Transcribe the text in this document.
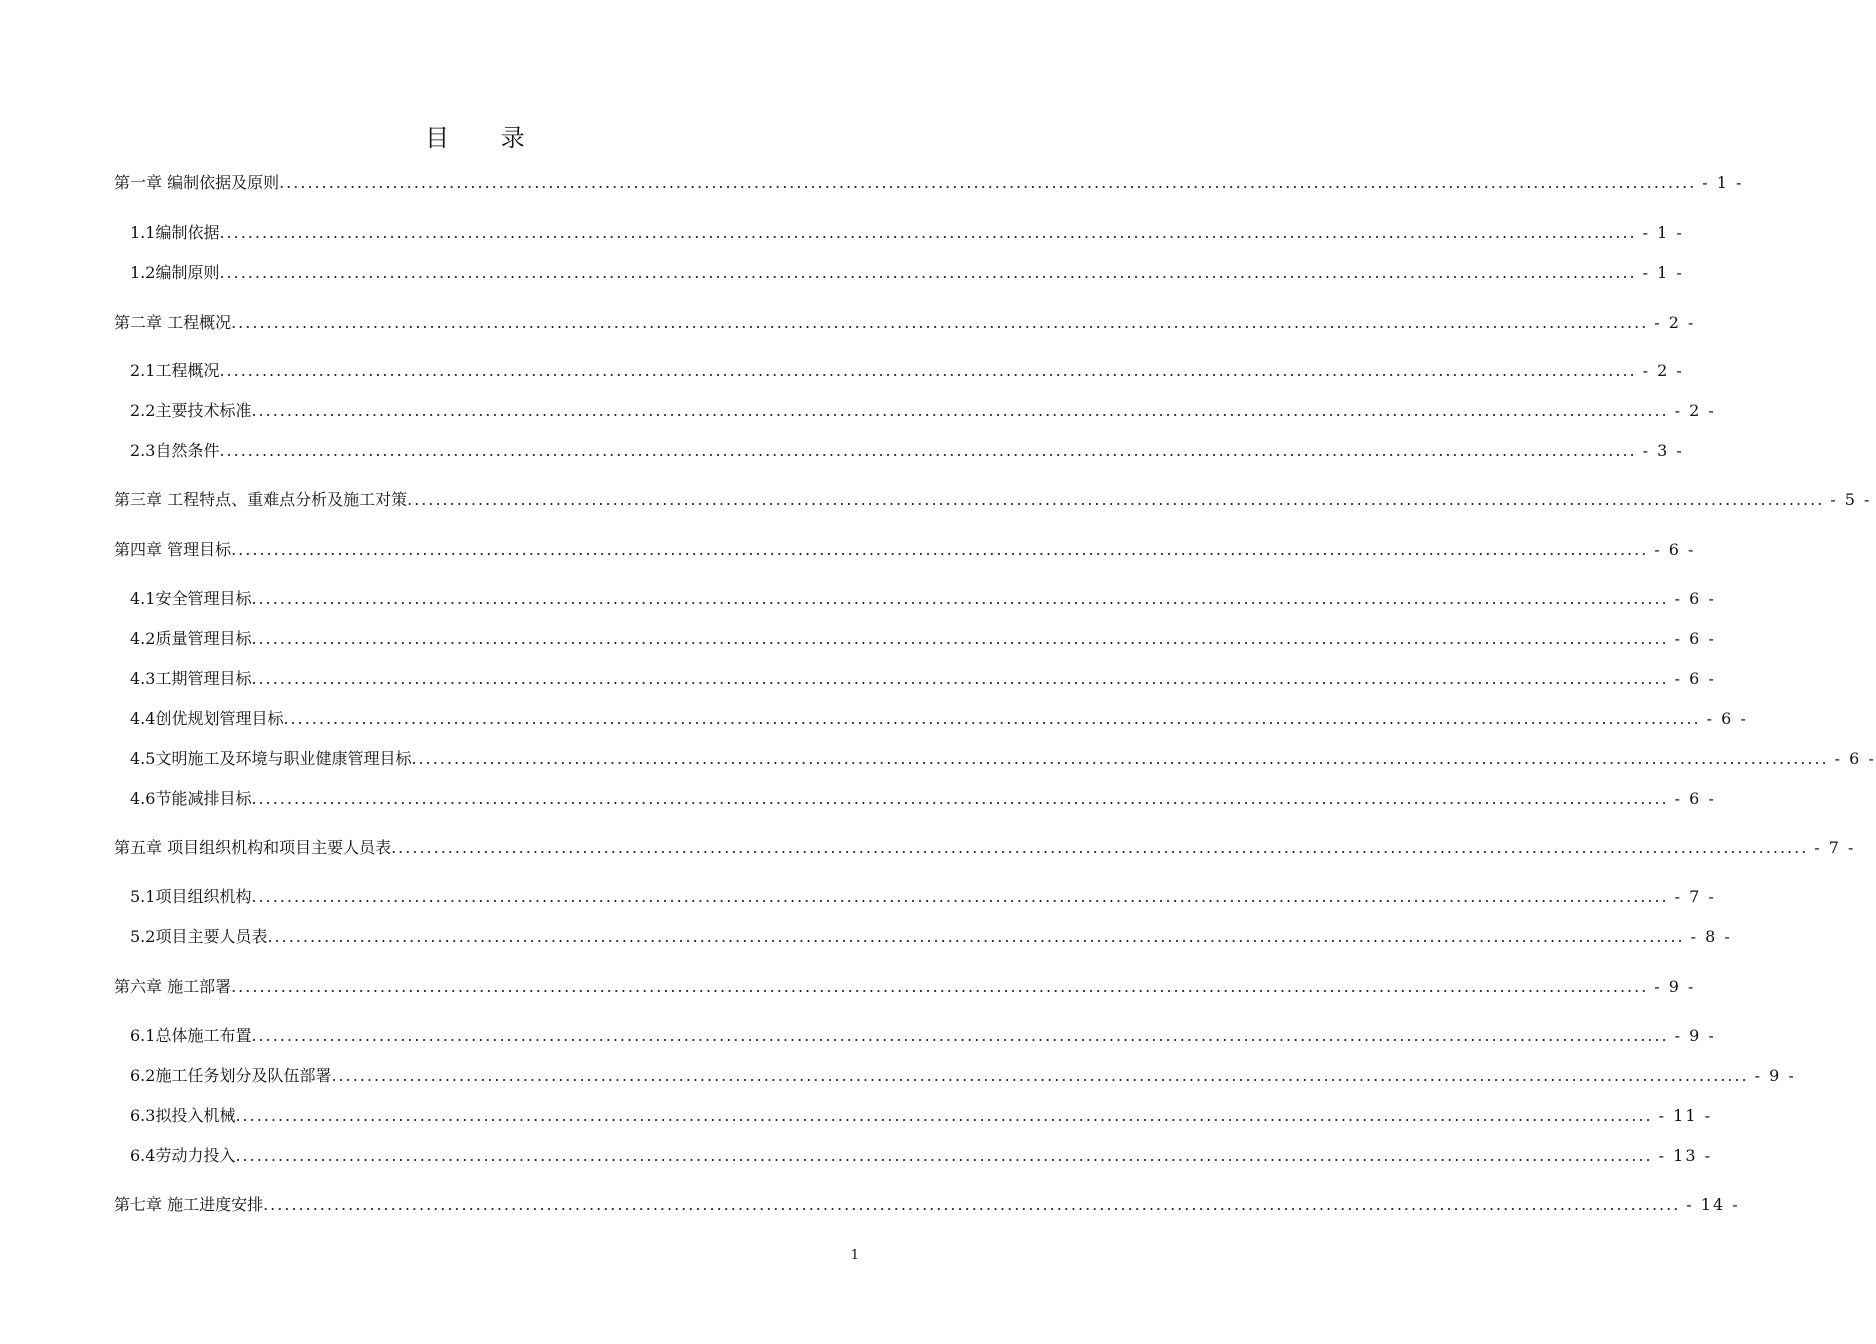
目 录
第一章 编制依据及原则 ........................................................................................................................................................................................................ - 1 -
1.1编制依据 ........................................................................................................................................................................................................ - 1 -
1.2编制原则 ........................................................................................................................................................................................................ - 1 -
第二章 工程概况 ........................................................................................................................................................................................................ - 2 -
2.1工程概况 ........................................................................................................................................................................................................ - 2 -
2.2主要技术标准 ........................................................................................................................................................................................................ - 2 -
2.3自然条件 ........................................................................................................................................................................................................ - 3 -
第三章 工程特点、重难点分析及施工对策 ........................................................................................................................................................................................................ - 5 -
第四章 管理目标 ........................................................................................................................................................................................................ - 6 -
4.1安全管理目标 ........................................................................................................................................................................................................ - 6 -
4.2质量管理目标 ........................................................................................................................................................................................................ - 6 -
4.3工期管理目标 ........................................................................................................................................................................................................ - 6 -
4.4创优规划管理目标 ........................................................................................................................................................................................................ - 6 -
4.5文明施工及环境与职业健康管理目标 ........................................................................................................................................................................................................ - 6 -
4.6节能减排目标 ........................................................................................................................................................................................................ - 6 -
第五章 项目组织机构和项目主要人员表 ........................................................................................................................................................................................................ - 7 -
5.1项目组织机构 ........................................................................................................................................................................................................ - 7 -
5.2项目主要人员表 ........................................................................................................................................................................................................ - 8 -
第六章 施工部署 ........................................................................................................................................................................................................ - 9 -
6.1总体施工布置 ........................................................................................................................................................................................................ - 9 -
6.2施工任务划分及队伍部署 ........................................................................................................................................................................................................ - 9 -
6.3拟投入机械 ........................................................................................................................................................................................................ - 11 -
6.4劳动力投入 ........................................................................................................................................................................................................ - 13 -
第七章 施工进度安排 ........................................................................................................................................................................................................ - 14 -
1
